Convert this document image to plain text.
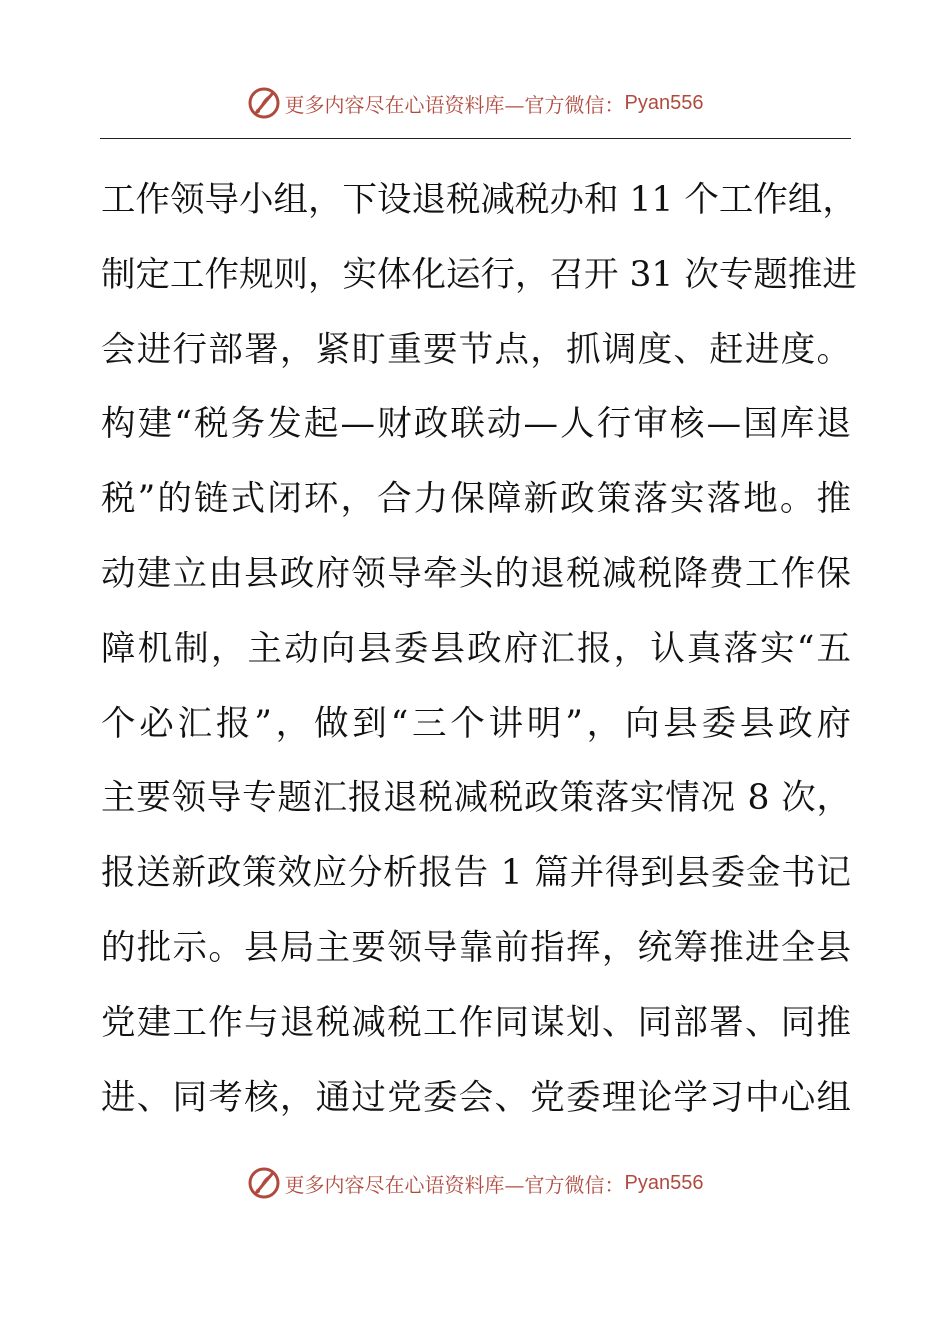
更多内容尽在心语资料库—官方微信： Pyan556
工作领导小组，下设退税减税办和 11 个工作组，
制定工作规则，实体化运行，召开 31 次专题推进
会进行部署，紧盯重要节点，抓调度、赶进度。
构建“税务发起—财政联动—人行审核—国库退
税”的链式闭环，合力保障新政策落实落地。推
动建立由县政府领导牵头的退税减税降费工作保
障机制，主动向县委县政府汇报，认真落实“五
个必汇报”，做到“三个讲明”，向县委县政府
主要领导专题汇报退税减税政策落实情况 8 次，
报送新政策效应分析报告 1 篇并得到县委金书记
的批示。县局主要领导靠前指挥，统筹推进全县
党建工作与退税减税工作同谋划、同部署、同推
进、同考核，通过党委会、党委理论学习中心组
更多内容尽在心语资料库—官方微信： Pyan556
